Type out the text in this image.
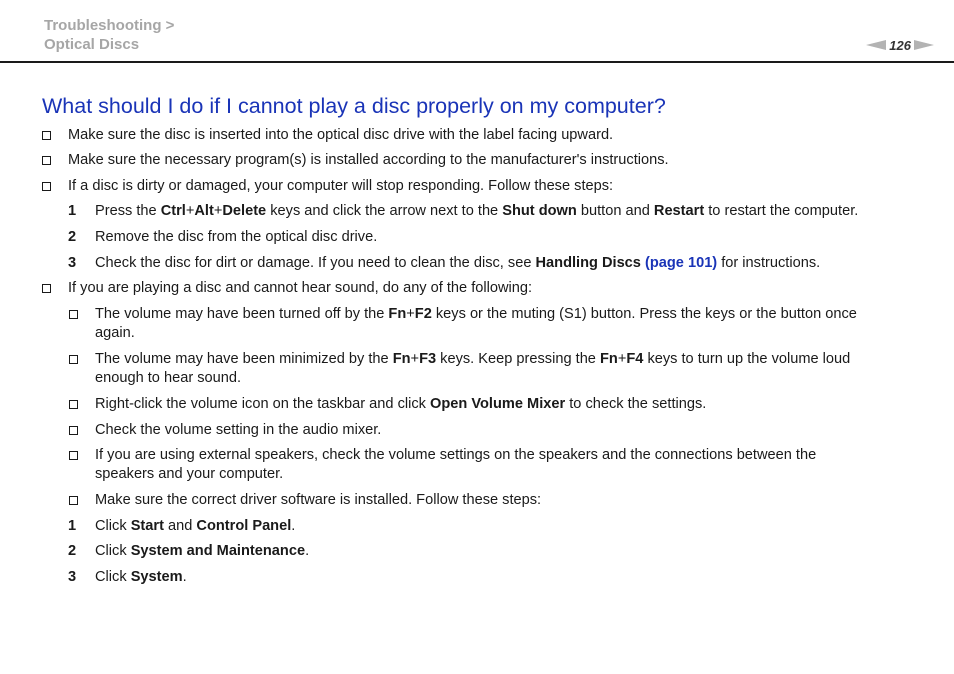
Troubleshooting >
Optical Discs	126
What should I do if I cannot play a disc properly on my computer?
Make sure the disc is inserted into the optical disc drive with the label facing upward.
Make sure the necessary program(s) is installed according to the manufacturer's instructions.
If a disc is dirty or damaged, your computer will stop responding. Follow these steps:
1 Press the Ctrl+Alt+Delete keys and click the arrow next to the Shut down button and Restart to restart the computer.
2 Remove the disc from the optical disc drive.
3 Check the disc for dirt or damage. If you need to clean the disc, see Handling Discs (page 101) for instructions.
If you are playing a disc and cannot hear sound, do any of the following:
The volume may have been turned off by the Fn+F2 keys or the muting (S1) button. Press the keys or the button once
again.
The volume may have been minimized by the Fn+F3 keys. Keep pressing the Fn+F4 keys to turn up the volume loud
enough to hear sound.
Right-click the volume icon on the taskbar and click Open Volume Mixer to check the settings.
Check the volume setting in the audio mixer.
If you are using external speakers, check the volume settings on the speakers and the connections between the
speakers and your computer.
Make sure the correct driver software is installed. Follow these steps:
1 Click Start and Control Panel.
2 Click System and Maintenance.
3 Click System.
